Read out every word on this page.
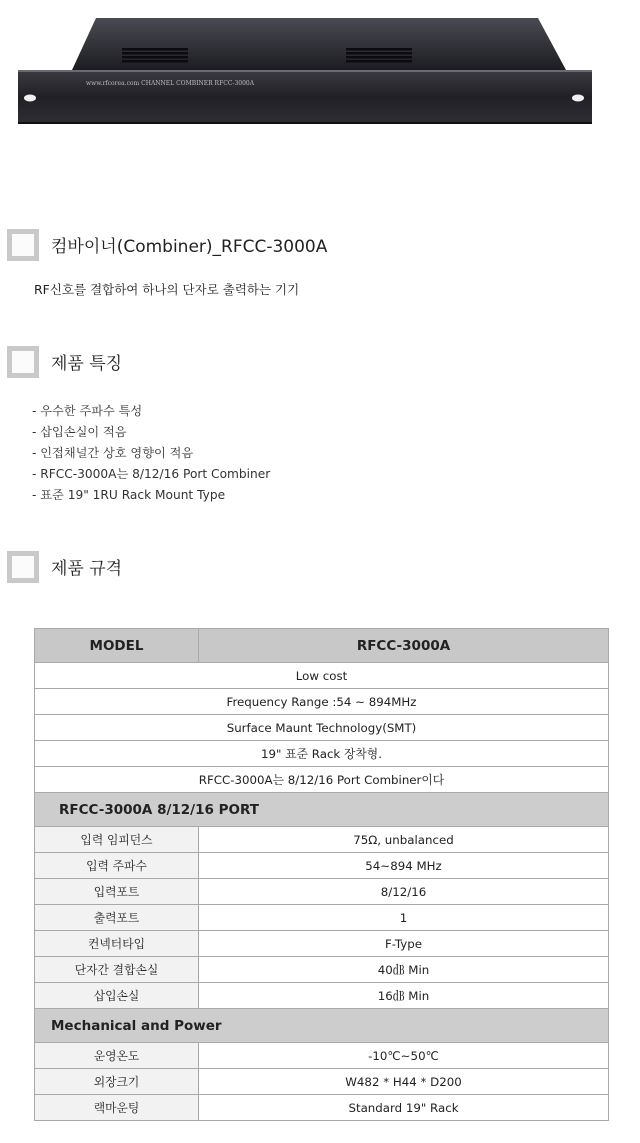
www.rfcorea.com CHANNEL COMBINER RFCC-3000A
컴바이너(Combiner)_RFCC-3000A
RF신호를 결합하여 하나의 단자로 출력하는 기기
제품 특징
- 우수한 주파수 특성
- 삽입손실이 적음
- 인접채널간 상호 영향이 적음
- RFCC-3000A는 8/12/16 Port Combiner
- 표준 19" 1RU Rack Mount Type
제품 규격
MODEL	RFCC-3000A
Low cost	
Frequency Range :54 ~ 894MHz	
Surface Maunt Technology(SMT)	
19" 표준 Rack 장착형.	
RFCC-3000A는 8/12/16 Port Combiner이다	
RFCC-3000A 8/12/16 PORT	
입력 임피던스	75Ω, unbalanced
입력 주파수	54~894 MHz
입력포트	8/12/16
출력포트	1
컨넥터타입	F-Type
단자간 결합손실	40㏈ Min
삽입손실	16㏈ Min
Mechanical and Power	
운영온도	-10℃~50℃
외장크기	W482 * H44 * D200
랙마운팅	Standard 19" Rack
